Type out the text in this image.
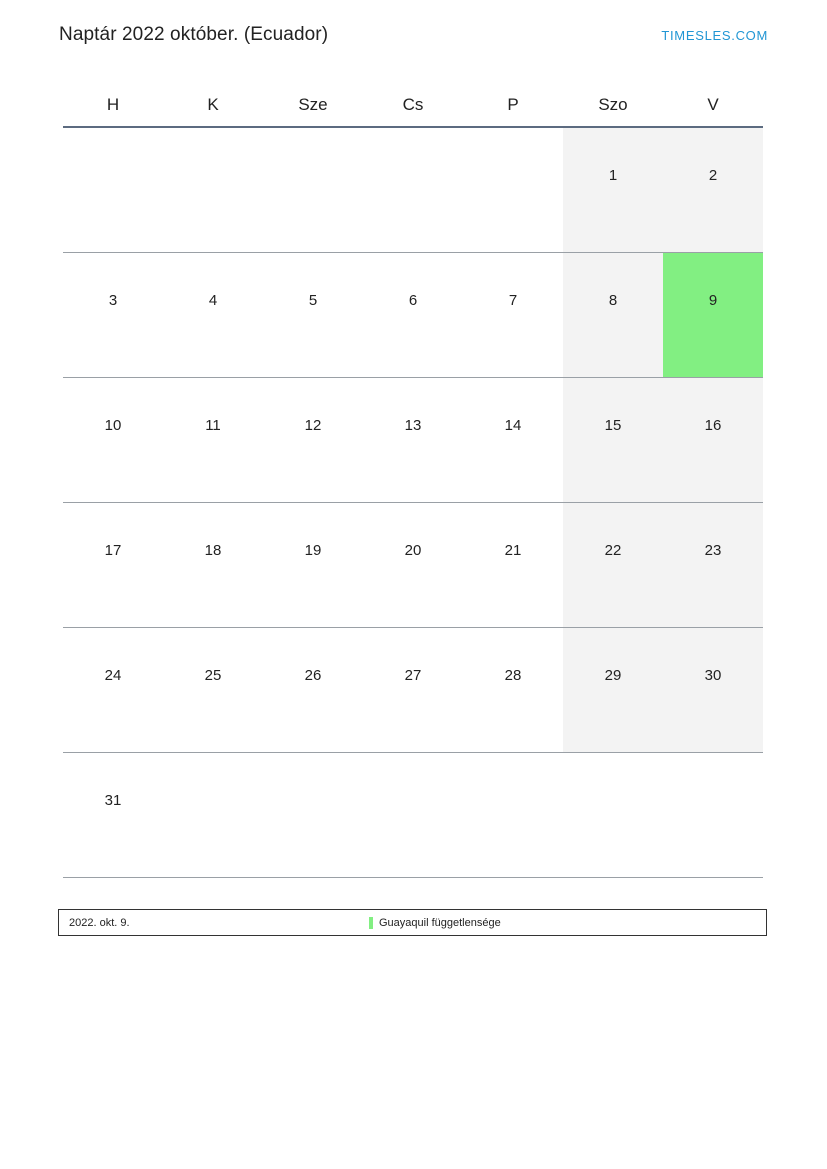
Naptár 2022 október. (Ecuador)	TIMESLES.COM
H	K	Sze	Cs	P	Szo	V

					1	2

3	4	5	6	7	8	9

10	11	12	13	14	15	16

17	18	19	20	21	22	23

24	25	26	27	28	29	30

31						

2022. okt. 9.	Guayaquil függetlensége
